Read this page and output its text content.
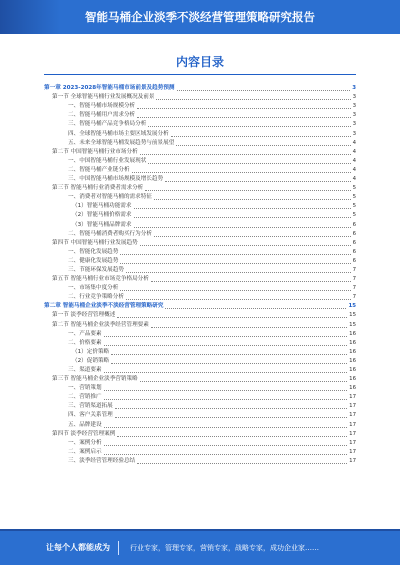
智能马桶企业淡季不淡经营管理策略研究报告
内容目录
第一章 2023-2028年智能马桶市场前景及趋势预测	3
第一节 全球智能马桶行业发展概况及前景	3
一、智能马桶市场规模分析	3
二、智能马桶用户需求分析	3
三、智能马桶产品竞争格局分析	3
四、全球智能马桶市场主要区域发展分析	3
五、未来全球智能马桶发展趋势与前景展望	4
第二节 中国智能马桶行业市场分析	4
一、中国智能马桶行业发展现状	4
二、智能马桶产业链分析	4
三、中国智能马桶市场规模及增长趋势	4
第三节 智能马桶行业消费者需求分析	5
一、消费者对智能马桶的需求特征	5
（1）智能马桶功能需求	5
（2）智能马桶价格需求	5
（3）智能马桶品牌需求	6
二、智能马桶消费者购买行为分析	6
第四节 中国智能马桶行业发展趋势	6
一、智能化发展趋势	6
二、健康化发展趋势	6
三、节能环保发展趋势	7
第五节 智能马桶行业市场竞争格局分析	7
一、市场集中度分析	7
二、行业竞争策略分析	7
第二章 智能马桶企业淡季不淡经营管理策略研究	15
第一节 淡季经营管理概述	15
第二节 智能马桶企业淡季经营管理要素	15
一、产品要素	16
二、价格要素	16
（1）定价策略	16
（2）促销策略	16
三、渠道要素	16
第三节 智能马桶企业淡季营销策略	16
一、营销策划	16
二、营销推广	17
三、营销渠道拓展	17
四、客户关系管理	17
五、品牌建设	17
第四节 淡季经营管理案例	17
一、案例分析	17
二、案例启示	17
三、淡季经营管理经验总结	17
让每个人都能成为	行业专家，管理专家，营销专家，战略专家，成功企业家……
